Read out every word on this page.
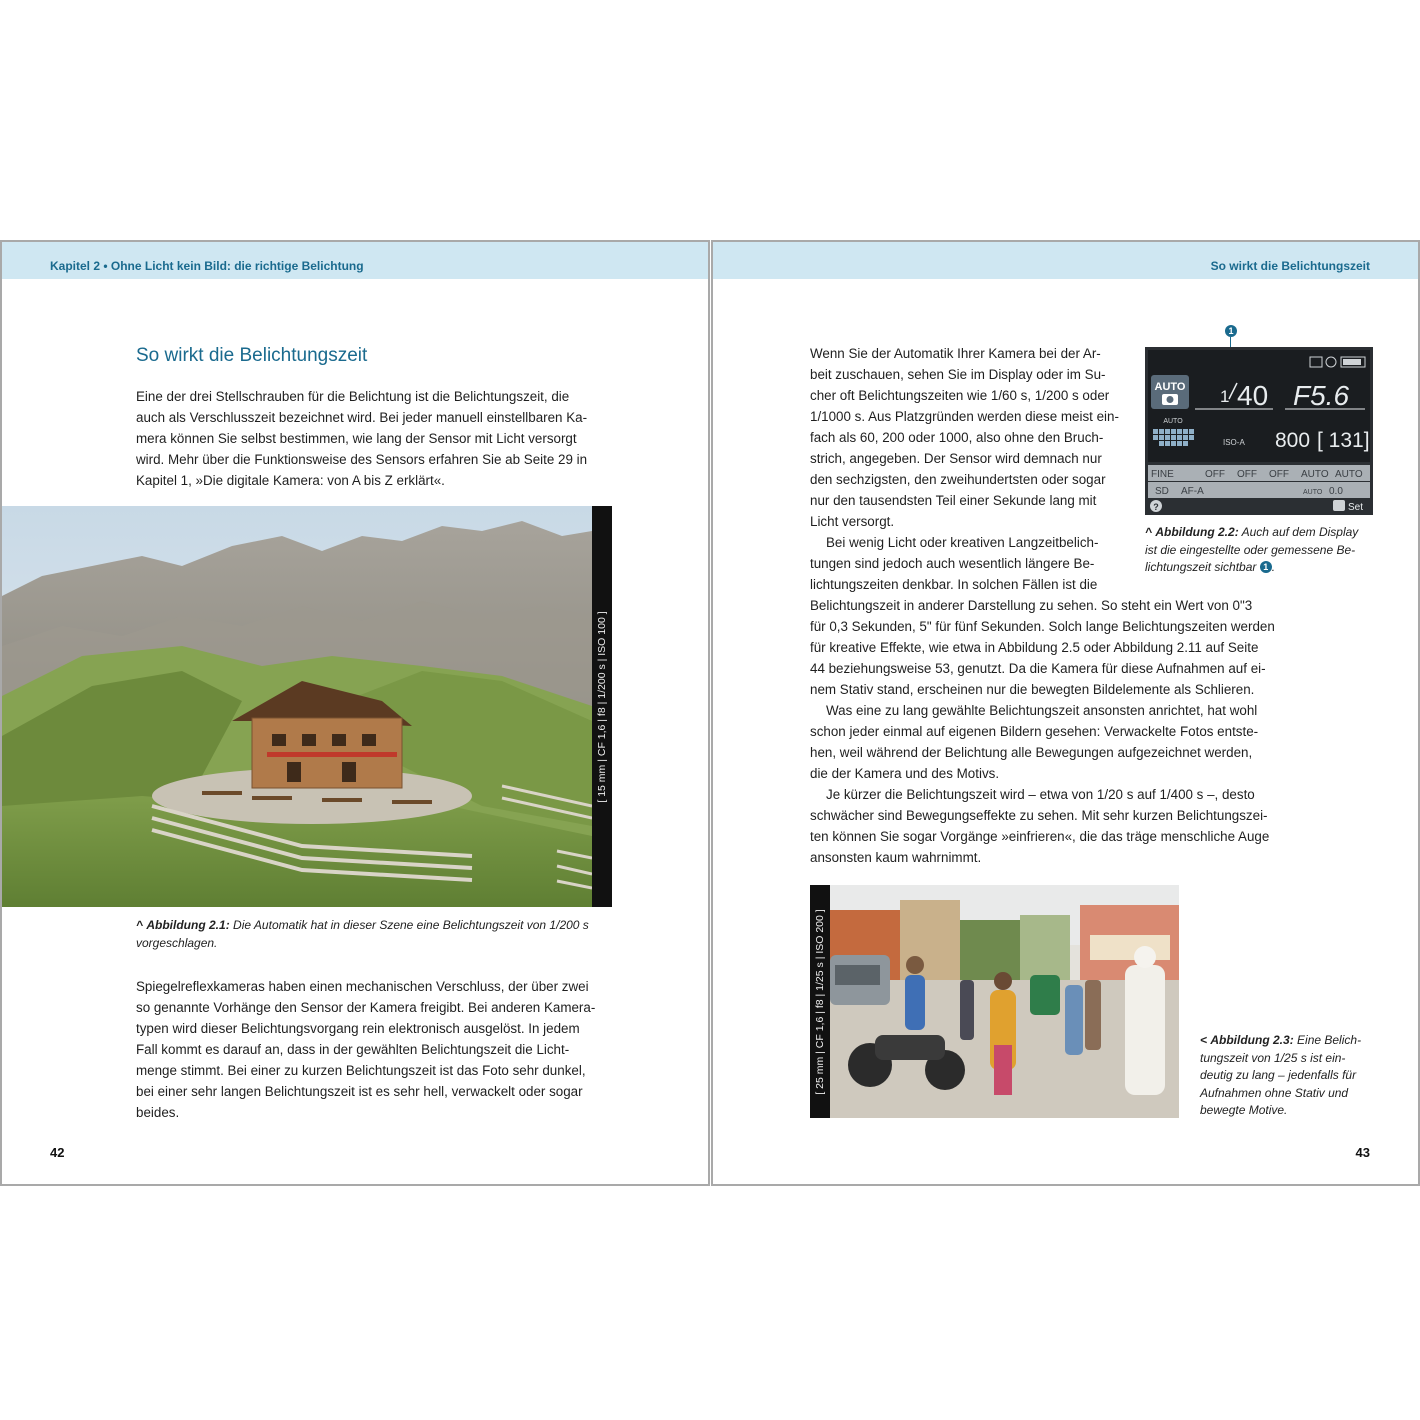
Kapitel 2 • Ohne Licht kein Bild: die richtige Belichtung
So wirkt die Belichtungszeit

Eine der drei Stellschrauben für die Belichtung ist die Belichtungszeit, die

auch als Verschlusszeit bezeichnet wird. Bei jeder manuell einstellbaren Ka-

mera können Sie selbst bestimmen, wie lang der Sensor mit Licht versorgt

wird. Mehr über die Funktionsweise des Sensors erfahren Sie ab Seite 29 in

Kapitel 1, »Die digitale Kamera: von A bis Z erklärt«.

[ 15 mm | CF 1,6 | f8 | 1/200 s | ISO 100 ]
^ Abbildung 2.1: Die Automatik hat in dieser Szene eine Belichtungszeit von 1/200 s vorgeschlagen.

Spiegelreflexkameras haben einen mechanischen Verschluss, der über zwei

so genannte Vorhänge den Sensor der Kamera freigibt. Bei anderen Kamera-

typen wird dieser Belichtungsvorgang rein elektronisch ausgelöst. In jedem

Fall kommt es darauf an, dass in der gewählten Belichtungszeit die Licht-

menge stimmt. Bei einer zu kurzen Belichtungszeit ist das Foto sehr dunkel,

bei einer sehr langen Belichtungszeit ist es sehr hell, verwackelt oder sogar

beides.

42
So wirkt die Belichtungszeit

Wenn Sie der Automatik Ihrer Kamera bei der Ar-

beit zuschauen, sehen Sie im Display oder im Su-

cher oft Belichtungszeiten wie 1/60 s, 1/200 s oder

1/1000 s. Aus Platzgründen werden diese meist ein-

fach als 60, 200 oder 1000, also ohne den Bruch-

strich, angegeben. Der Sensor wird demnach nur

den sechzigsten, den zweihundertsten oder sogar

nur den tausendsten Teil einer Sekunde lang mit

Licht versorgt.

Bei wenig Licht oder kreativen Langzeitbelich-

tungen sind jedoch auch wesentlich längere Be-

lichtungszeiten denkbar. In solchen Fällen ist die

Belichtungszeit in anderer Darstellung zu sehen. So steht ein Wert von 0"3

für 0,3 Sekunden, 5" für fünf Sekunden. Solch lange Belichtungszeiten werden

für kreative Effekte, wie etwa in Abbildung 2.5 oder Abbildung 2.11 auf Seite

44 beziehungsweise 53, genutzt. Da die Kamera für diese Aufnahmen auf ei-

nem Stativ stand, erscheinen nur die bewegten Bildelemente als Schlieren.

Was eine zu lang gewählte Belichtungszeit ansonsten anrichtet, hat wohl

schon jeder einmal auf eigenen Bildern gesehen: Verwackelte Fotos entste-

hen, weil während der Belichtung alle Bewegungen aufgezeichnet werden,

die der Kamera und des Motivs.

Je kürzer die Belichtungszeit wird – etwa von 1/20 s auf 1/400 s –, desto

schwächer sind Bewegungseffekte zu sehen. Mit sehr kurzen Belichtungszei-

ten können Sie sogar Vorgänge »einfrieren«, die das träge menschliche Auge

ansonsten kaum wahrnimmt.

1
AUTO 1 40 F5.6
AUTO
ISO-A 800 [ 131]
FINE	OFF OFF OFF AUTO AUTO
SD AF-A	AUTO 0.0
?	Set
^ Abbildung 2.2: Auch auf dem Display
ist die eingestellte oder gemessene Be-
lichtungszeit sichtbar 1 .
[ 25 mm | CF 1,6 | f8 | 1/25 s | ISO 200 ]	< Abbildung 2.3: Eine Belich-
tungszeit von 1/25 s ist ein-
deutig zu lang – jedenfalls für
Aufnahmen ohne Stativ und
bewegte Motive.
43
